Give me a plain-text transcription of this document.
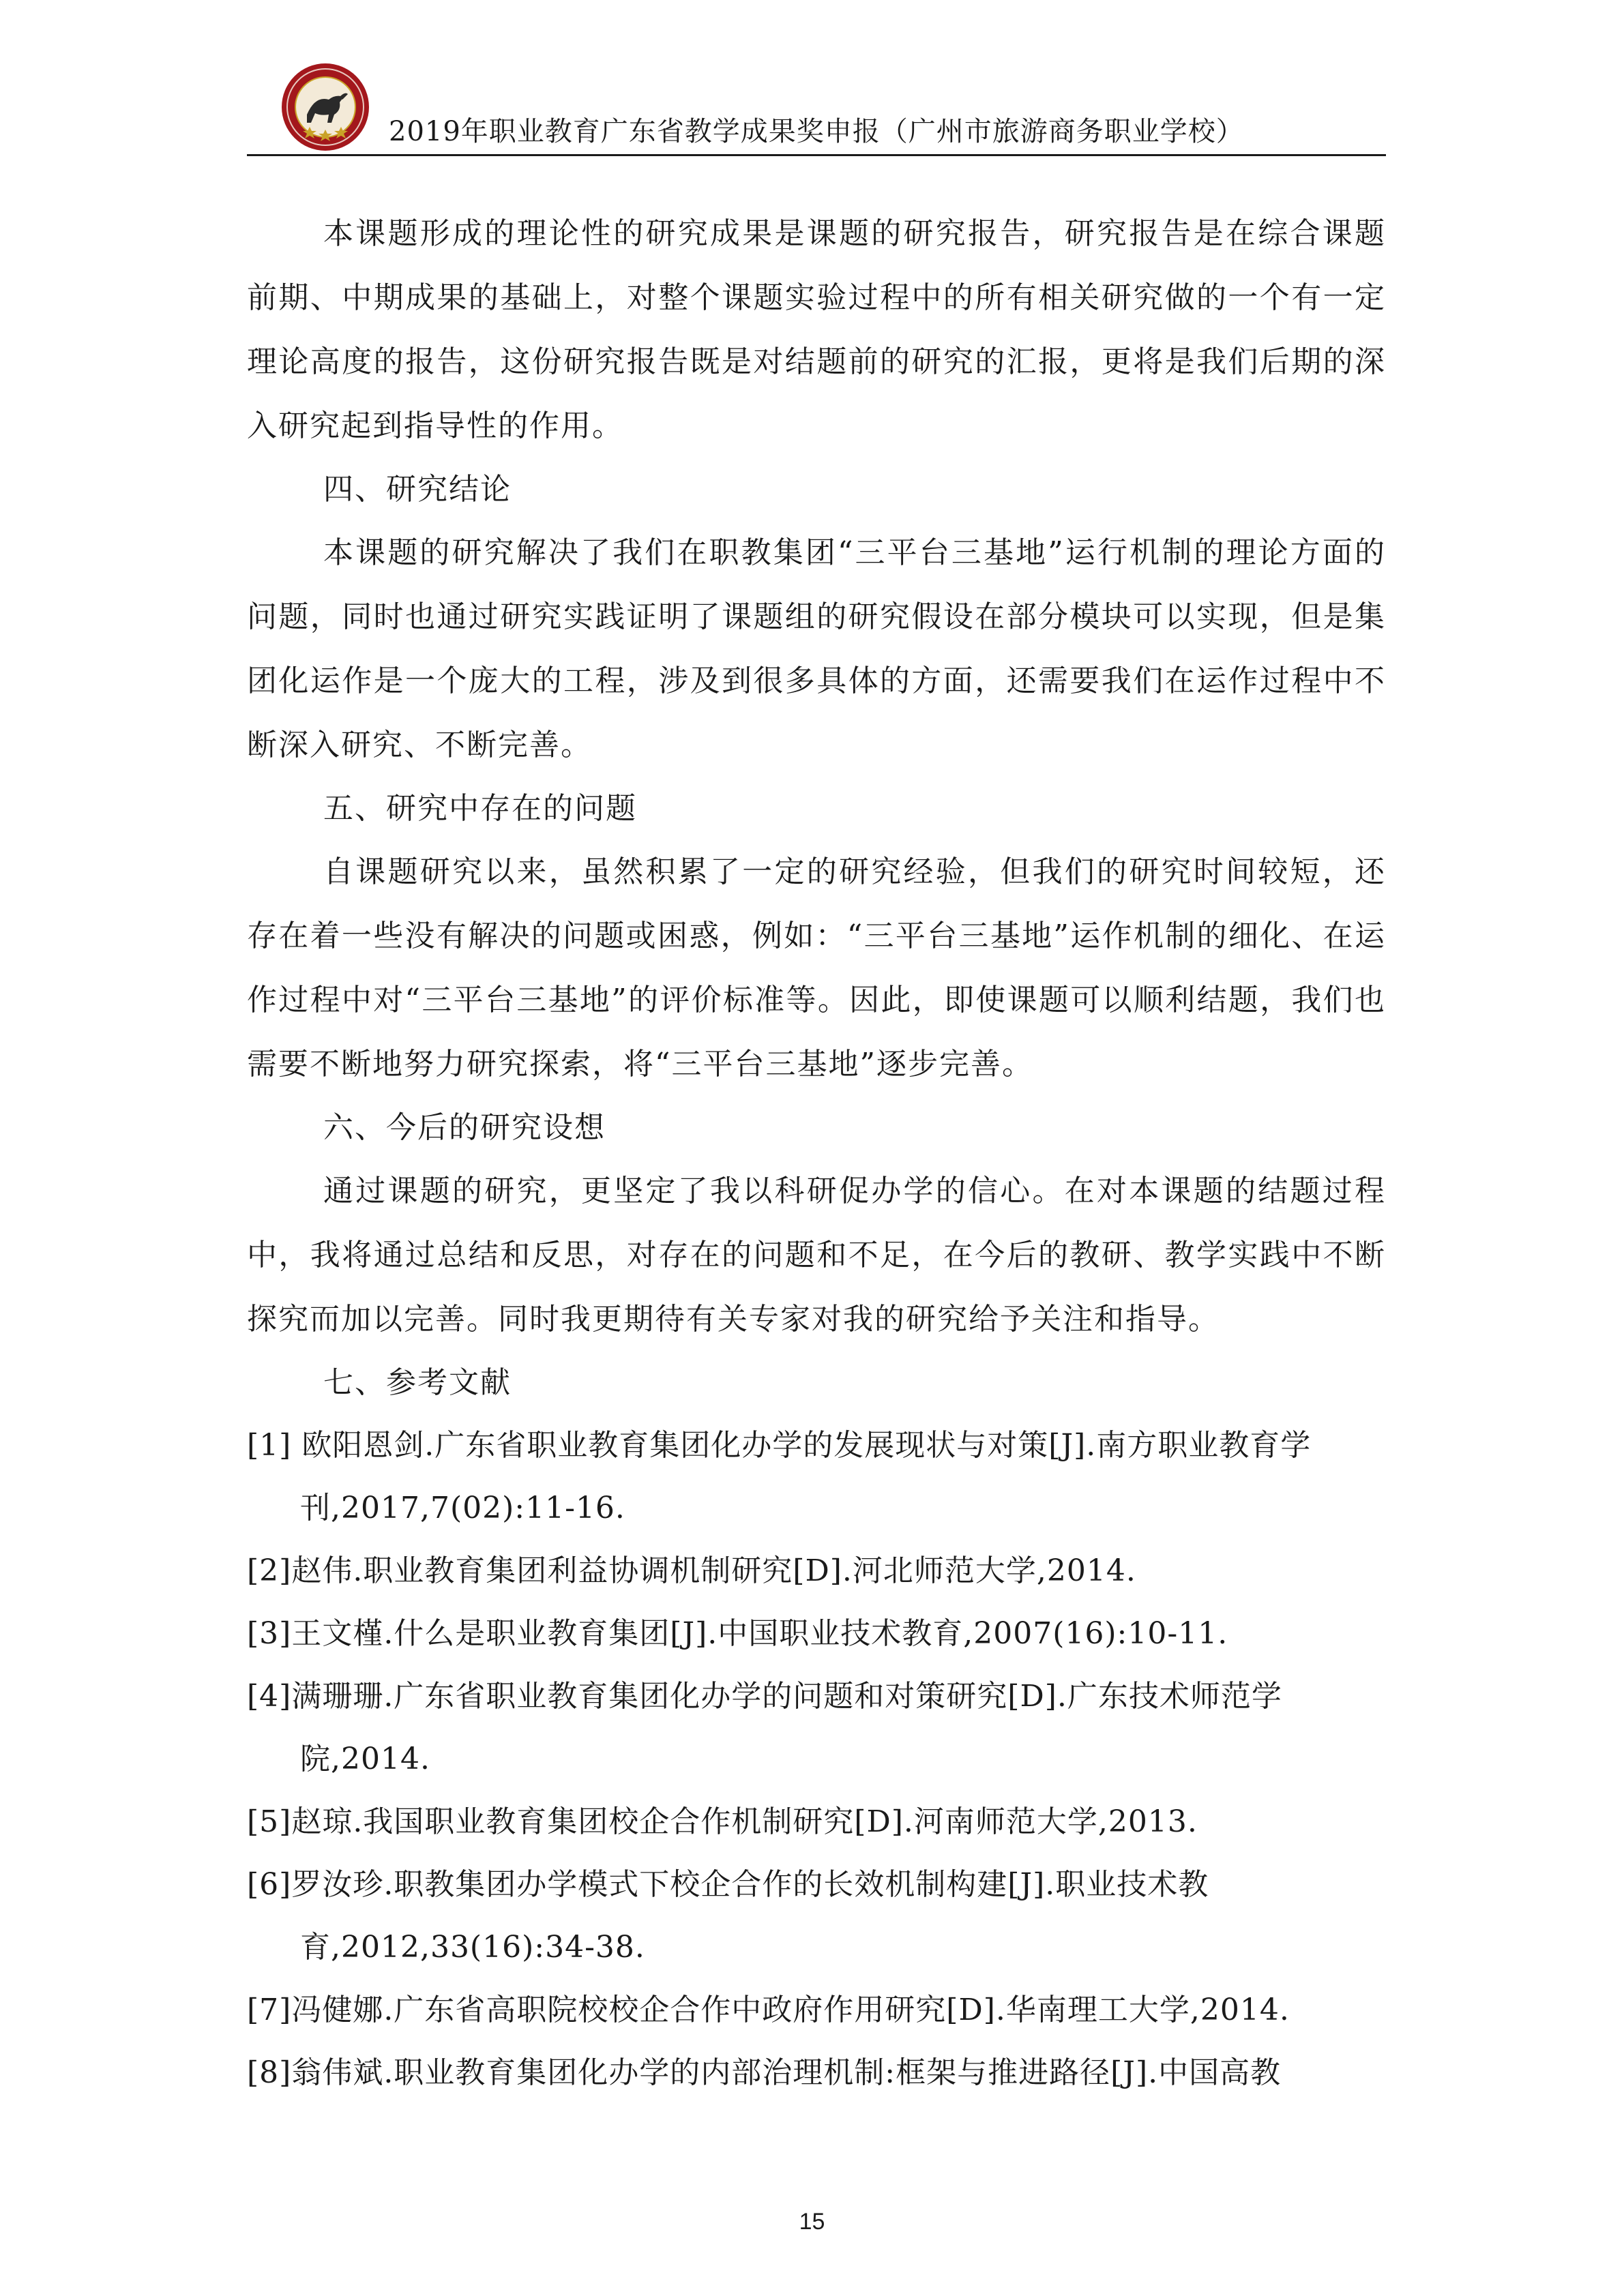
2019年职业教育广东省教学成果奖申报（广州市旅游商务职业学校）

本课题形成的理论性的研究成果是课题的研究报告，研究报告是在综合课题前期、中期成果的基础上，对整个课题实验过程中的所有相关研究做的一个有一定理论高度的报告，这份研究报告既是对结题前的研究的汇报，更将是我们后期的深入研究起到指导性的作用。

四、研究结论

本课题的研究解决了我们在职教集团“三平台三基地”运行机制的理论方面的问题，同时也通过研究实践证明了课题组的研究假设在部分模块可以实现，但是集团化运作是一个庞大的工程，涉及到很多具体的方面，还需要我们在运作过程中不断深入研究、不断完善。

五、研究中存在的问题

自课题研究以来，虽然积累了一定的研究经验，但我们的研究时间较短，还存在着一些没有解决的问题或困惑，例如：“三平台三基地”运作机制的细化、在运作过程中对“三平台三基地”的评价标准等。因此，即使课题可以顺利结题，我们也需要不断地努力研究探索，将“三平台三基地”逐步完善。

六、今后的研究设想

通过课题的研究，更坚定了我以科研促办学的信心。在对本课题的结题过程中，我将通过总结和反思，对存在的问题和不足，在今后的教研、教学实践中不断探究而加以完善。同时我更期待有关专家对我的研究给予关注和指导。

七、参考文献

[1] 欧阳恩剑.广东省职业教育集团化办学的发展现状与对策[J].南方职业教育学刊,2017,7(02):11-16.

[2]赵伟.职业教育集团利益协调机制研究[D].河北师范大学,2014.

[3]王文槿.什么是职业教育集团[J].中国职业技术教育,2007(16):10-11.

[4]满珊珊.广东省职业教育集团化办学的问题和对策研究[D].广东技术师范学院,2014.

[5]赵琼.我国职业教育集团校企合作机制研究[D].河南师范大学,2013.

[6]罗汝珍.职教集团办学模式下校企合作的长效机制构建[J].职业技术教育,2012,33(16):34-38.

[7]冯健娜.广东省高职院校校企合作中政府作用研究[D].华南理工大学,2014.

[8]翁伟斌.职业教育集团化办学的内部治理机制:框架与推进路径[J].中国高教

15
